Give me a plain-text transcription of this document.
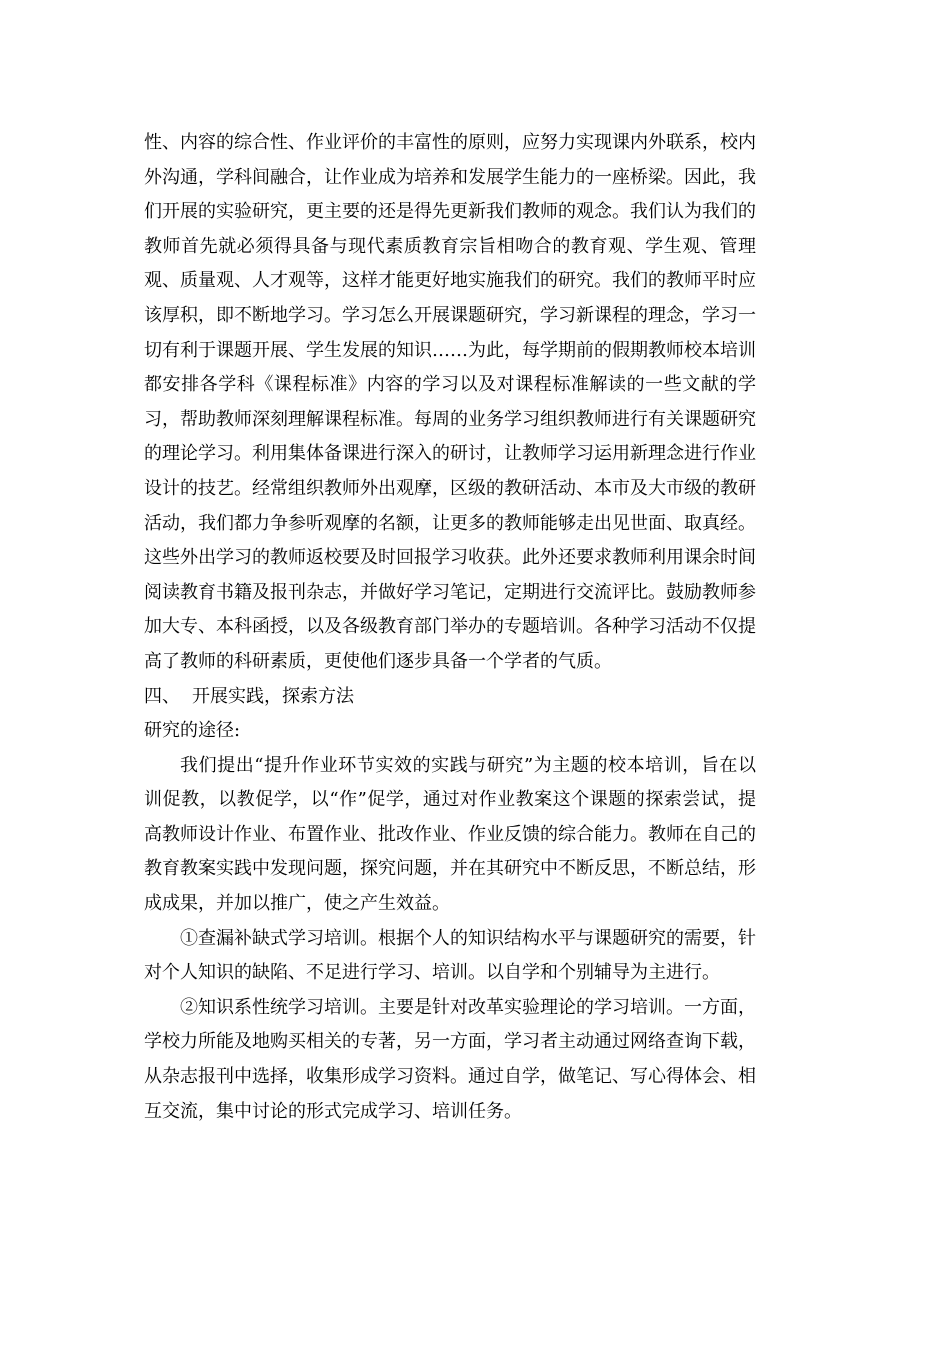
性、内容的综合性、作业评价的丰富性的原则，应努力实现课内外联系，校内
外沟通，学科间融合，让作业成为培养和发展学生能力的一座桥梁。因此，我
们开展的实验研究，更主要的还是得先更新我们教师的观念。我们认为我们的
教师首先就必须得具备与现代素质教育宗旨相吻合的教育观、学生观、管理
观、质量观、人才观等，这样才能更好地实施我们的研究。我们的教师平时应
该厚积，即不断地学习。学习怎么开展课题研究，学习新课程的理念，学习一
切有利于课题开展、学生发展的知识……为此，每学期前的假期教师校本培训
都安排各学科《课程标准》内容的学习以及对课程标准解读的一些文献的学
习，帮助教师深刻理解课程标准。每周的业务学习组织教师进行有关课题研究
的理论学习。利用集体备课进行深入的研讨，让教师学习运用新理念进行作业
设计的技艺。经常组织教师外出观摩，区级的教研活动、本市及大市级的教研
活动，我们都力争参听观摩的名额，让更多的教师能够走出见世面、取真经。
这些外出学习的教师返校要及时回报学习收获。此外还要求教师利用课余时间
阅读教育书籍及报刊杂志，并做好学习笔记，定期进行交流评比。鼓励教师参
加大专、本科函授，以及各级教育部门举办的专题培训。各种学习活动不仅提
高了教师的科研素质，更使他们逐步具备一个学者的气质。
四、 开展实践，探索方法
研究的途径:
我们提出“提升作业环节实效的实践与研究”为主题的校本培训，旨在以
训促教，以教促学，以“作”促学，通过对作业教案这个课题的探索尝试，提
高教师设计作业、布置作业、批改作业、作业反馈的综合能力。教师在自己的
教育教案实践中发现问题，探究问题，并在其研究中不断反思，不断总结，形
成成果，并加以推广，使之产生效益。
①查漏补缺式学习培训。根据个人的知识结构水平与课题研究的需要，针
对个人知识的缺陷、不足进行学习、培训。以自学和个别辅导为主进行。
②知识系性统学习培训。主要是针对改革实验理论的学习培训。一方面，
学校力所能及地购买相关的专著，另一方面，学习者主动通过网络查询下载，
从杂志报刊中选择，收集形成学习资料。通过自学，做笔记、写心得体会、相
互交流，集中讨论的形式完成学习、培训任务。
